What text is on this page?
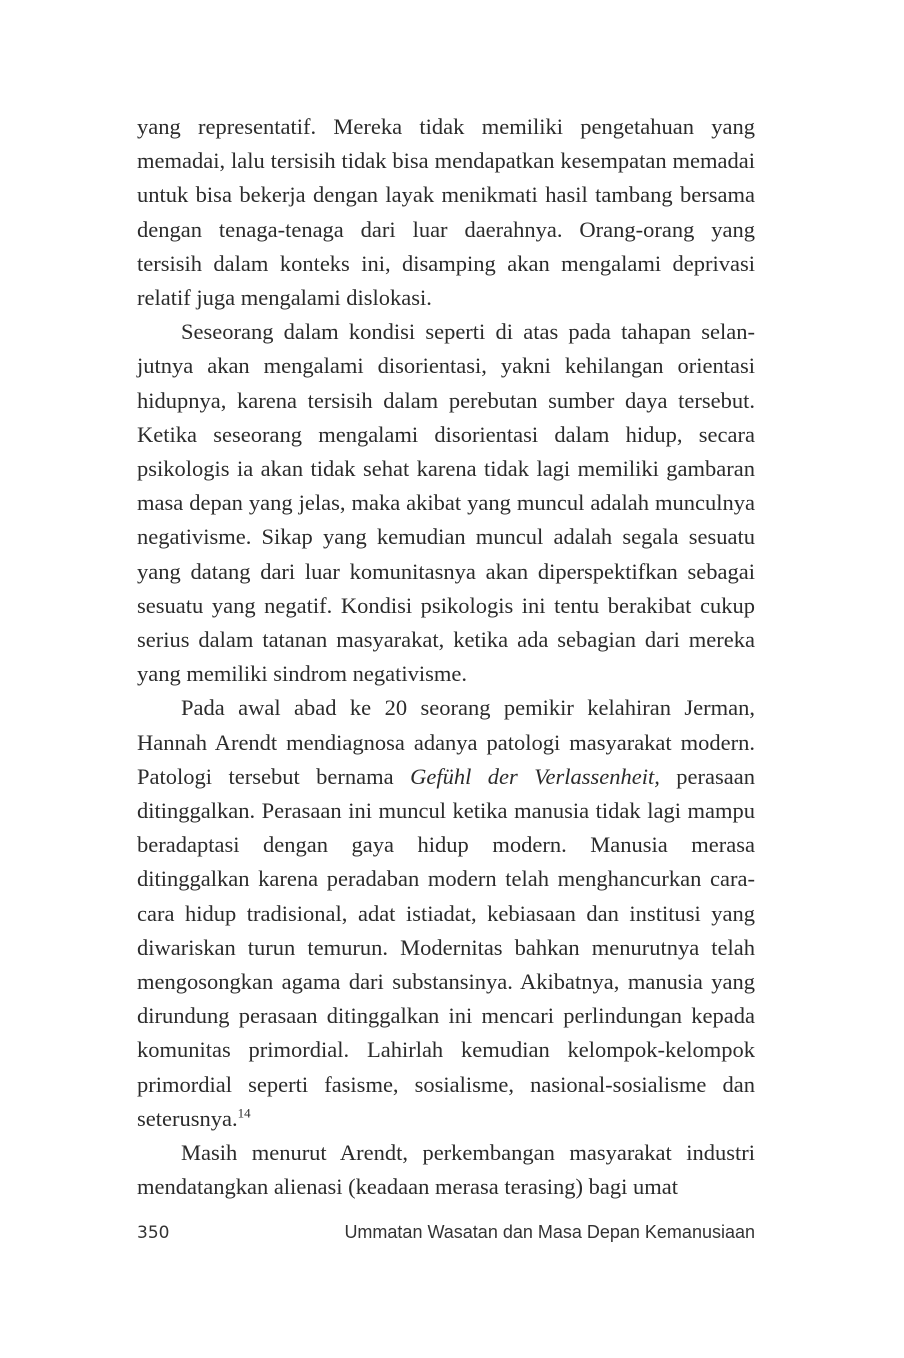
yang representatif. Mereka tidak memiliki pengetahuan yang memadai, lalu tersisih tidak bisa mendapatkan kesempatan memadai untuk bisa bekerja dengan layak menikmati hasil tambang bersama dengan tenaga-tenaga dari luar daerahnya. Orang-orang yang tersisih dalam konteks ini, disamping akan mengalami deprivasi relatif juga mengalami dislokasi.

Seseorang dalam kondisi seperti di atas pada tahapan selanjutnya akan mengalami disorientasi, yakni kehilangan orientasi hidupnya, karena tersisih dalam perebutan sumber daya tersebut. Ketika seseorang mengalami disorientasi dalam hidup, secara psikologis ia akan tidak sehat karena tidak lagi memiliki gambaran masa depan yang jelas, maka akibat yang muncul adalah munculnya negativisme. Sikap yang kemudian muncul adalah segala sesuatu yang datang dari luar komunitasnya akan diperspektifkan sebagai sesuatu yang negatif. Kondisi psikologis ini tentu berakibat cukup serius dalam tatanan masyarakat, ketika ada sebagian dari mereka yang memiliki sindrom negativisme.

Pada awal abad ke 20 seorang pemikir kelahiran Jerman, Hannah Arendt mendiagnosa adanya patologi masyarakat modern. Patologi tersebut bernama Gefühl der Verlassenheit, perasaan ditinggalkan. Perasaan ini muncul ketika manusia tidak lagi mampu beradaptasi dengan gaya hidup modern. Manusia merasa ditinggalkan karena peradaban modern telah menghancurkan cara-cara hidup tradisional, adat istiadat, kebiasaan dan institusi yang diwariskan turun temurun. Modernitas bahkan menurutnya telah mengosongkan agama dari substansinya. Akibatnya, manusia yang dirundung perasaan ditinggalkan ini mencari perlindungan kepada komunitas primordial. Lahirlah kemudian kelompok-kelompok primordial seperti fasisme, sosialisme, nasional-sosialisme dan seterusnya.$^{14}$

Masih menurut Arendt, perkembangan masyarakat industri mendatangkan alienasi (keadaan merasa terasing) bagi umat

350	Ummatan Wasatan dan Masa Depan Kemanusiaan
